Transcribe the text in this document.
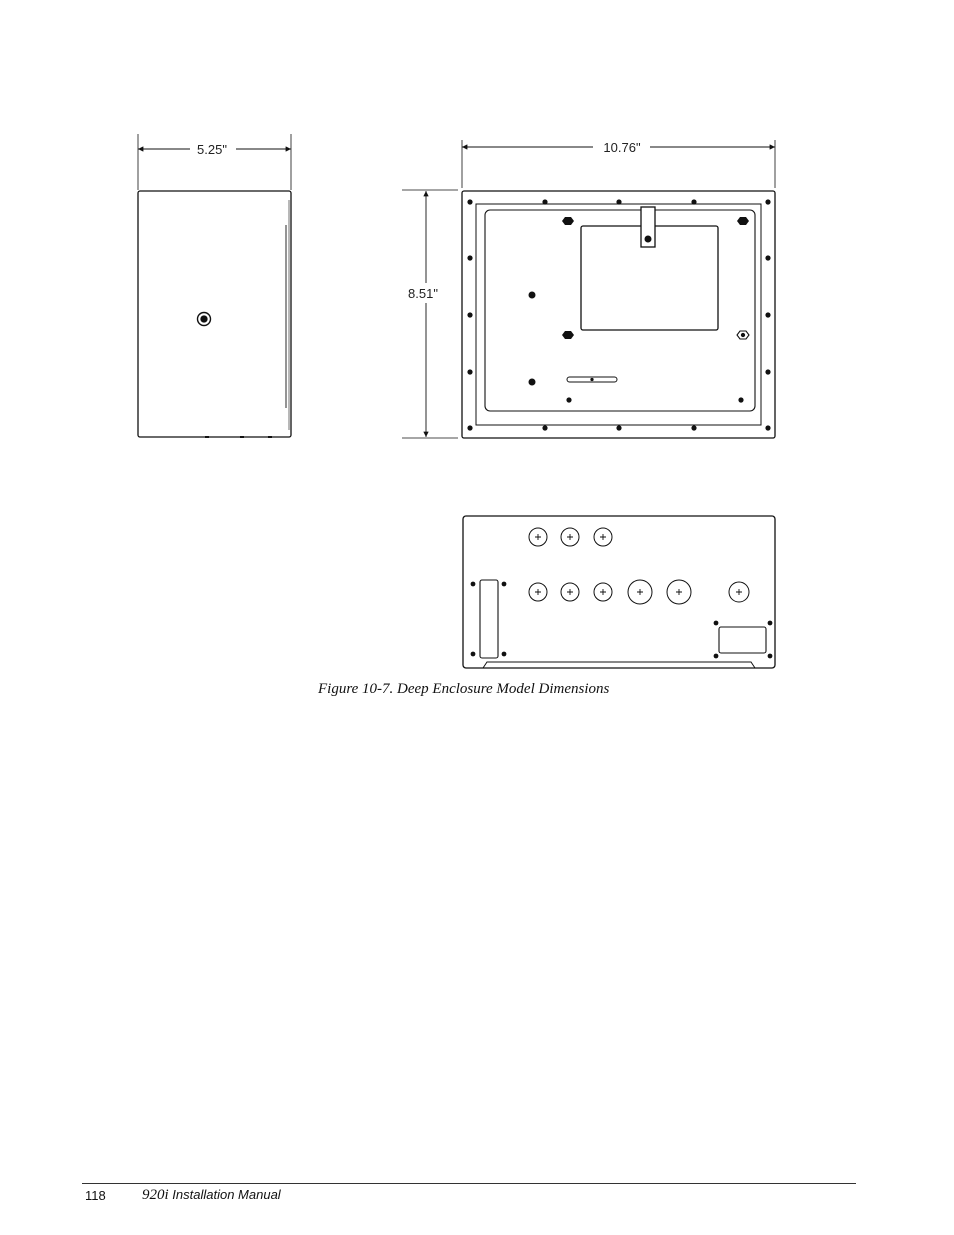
5.25"	10.76"
8.51"
Figure 10-7. Deep Enclosure Model Dimensions
118 920i Installation Manual
